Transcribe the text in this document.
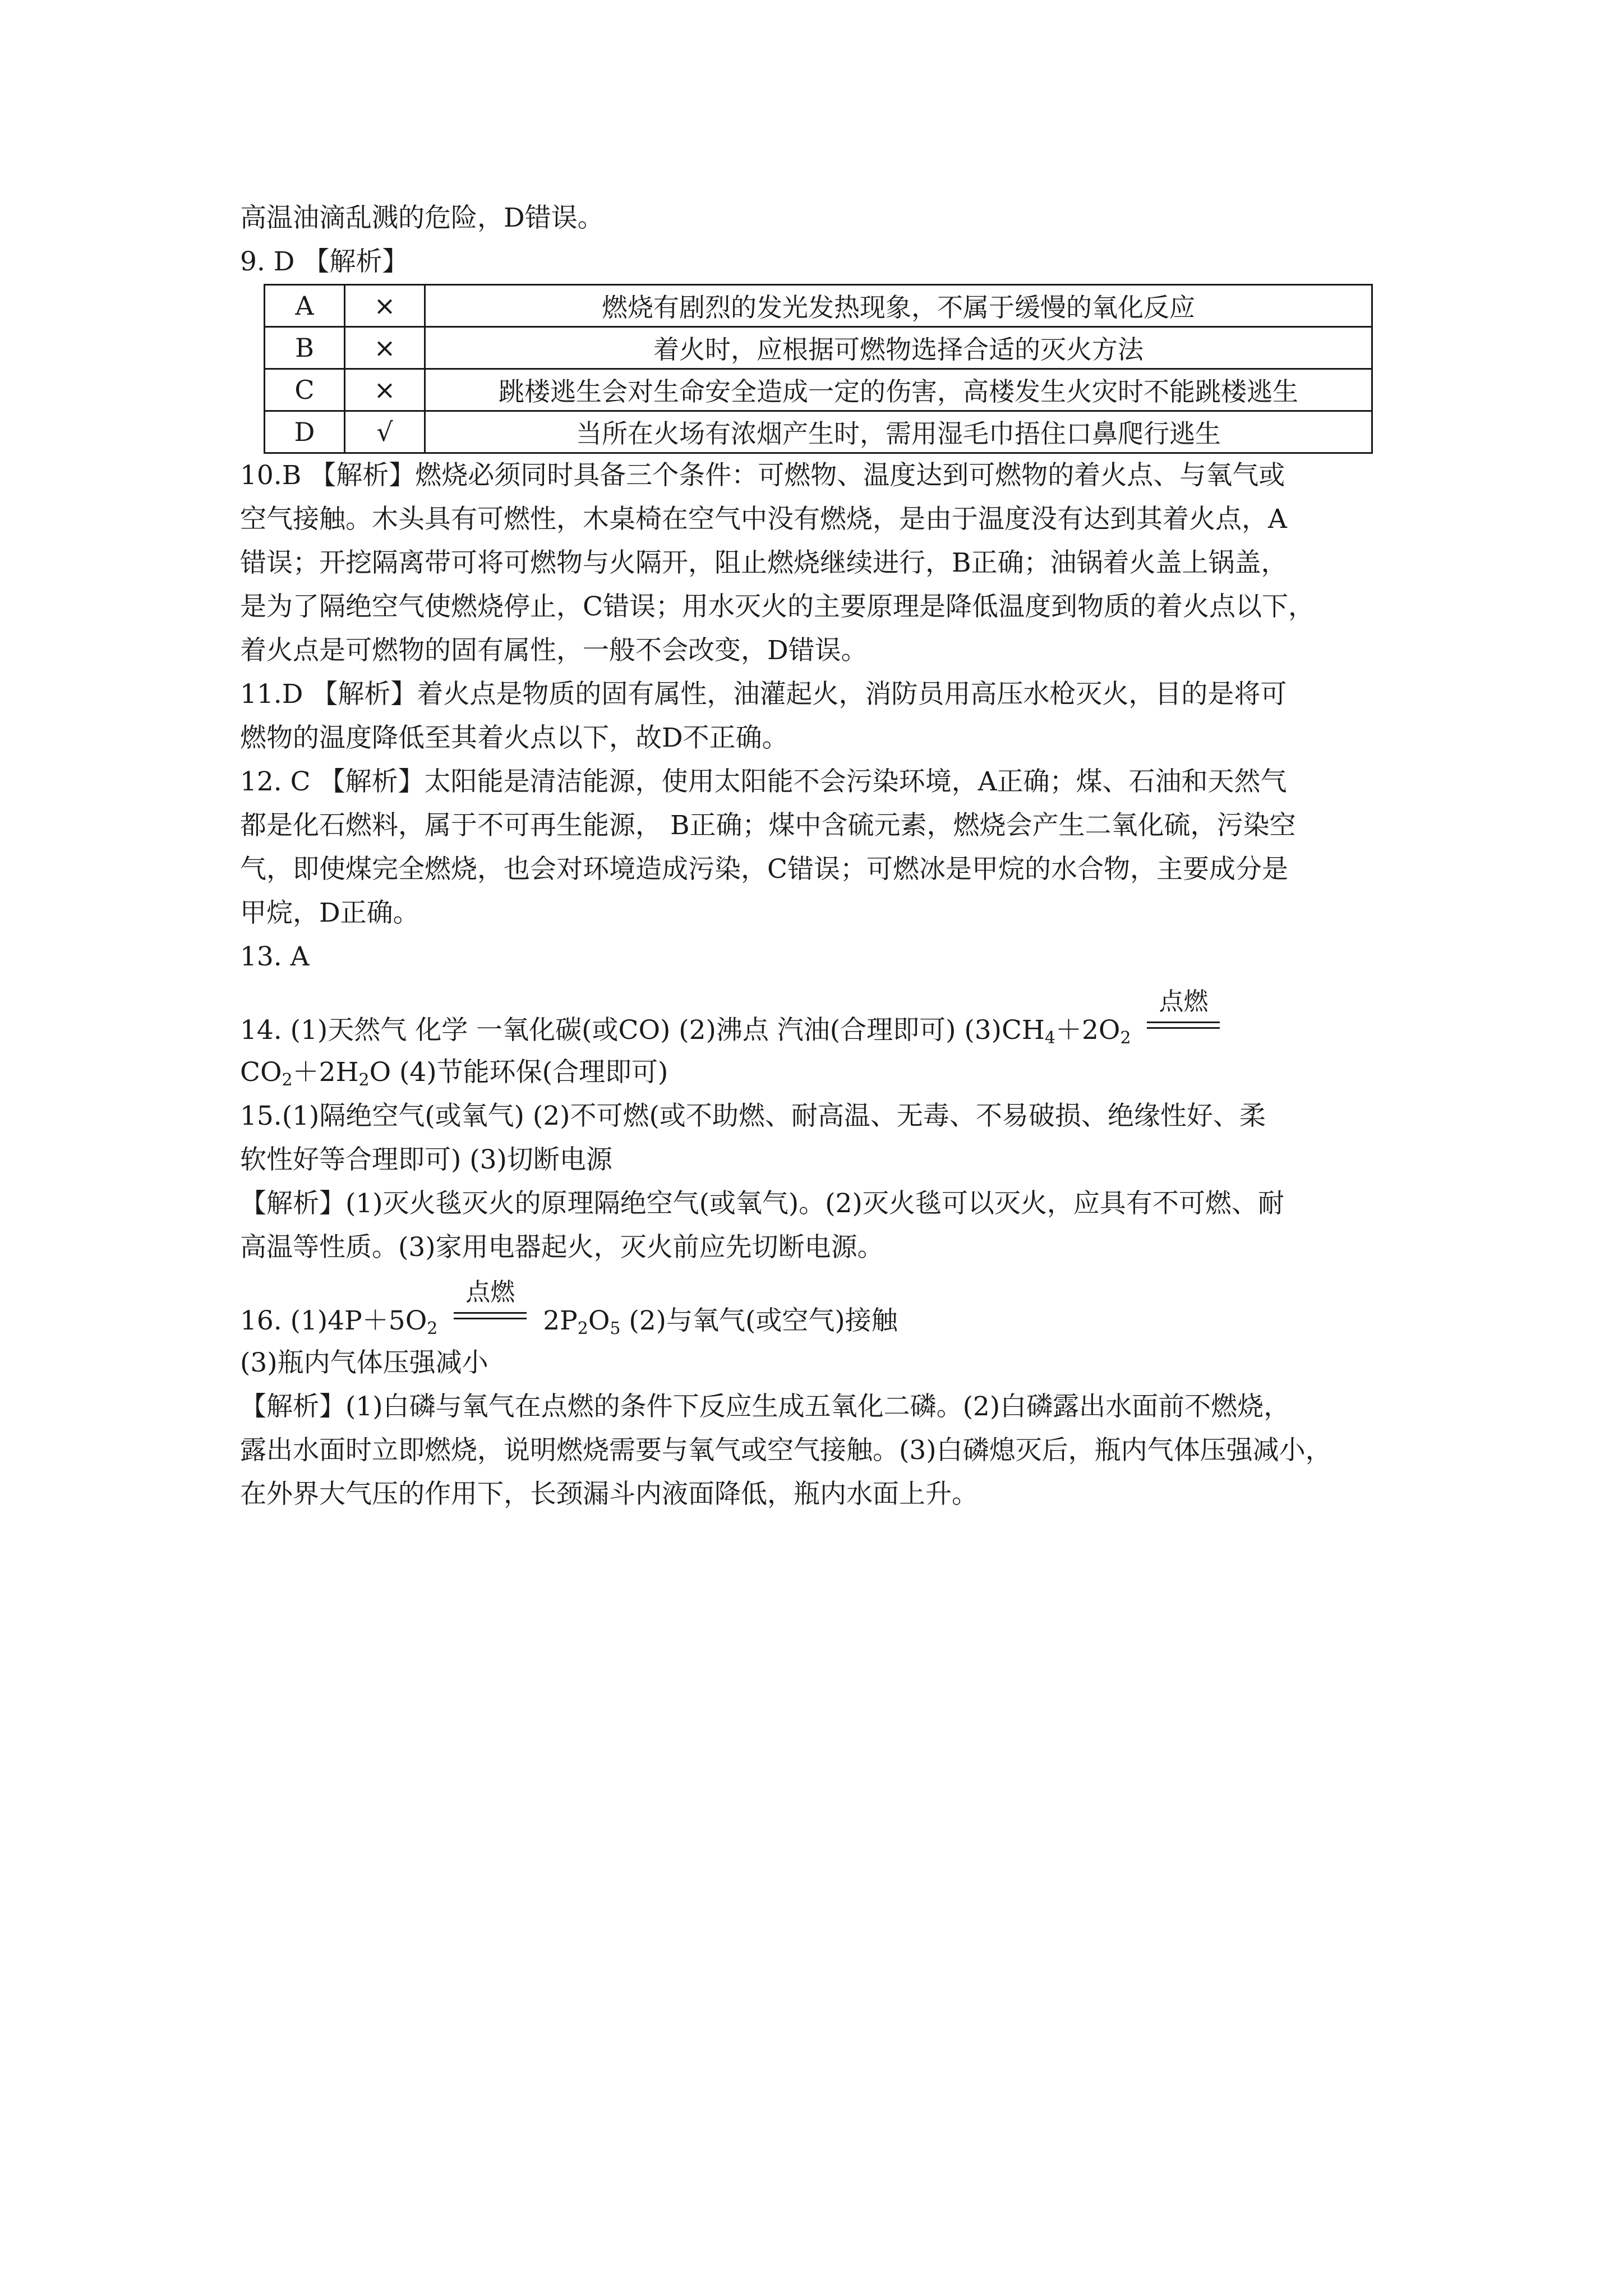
高温油滴乱溅的危险，D错误。
9. D 【解析】
A	×	燃烧有剧烈的发光发热现象，不属于缓慢的氧化反应
B	×	着火时，应根据可燃物选择合适的灭火方法
C	×	跳楼逃生会对生命安全造成一定的伤害，高楼发生火灾时不能跳楼逃生
D	√	当所在火场有浓烟产生时，需用湿毛巾捂住口鼻爬行逃生
10.B 【解析】燃烧必须同时具备三个条件：可燃物、温度达到可燃物的着火点、与氧气或
空气接触。木头具有可燃性，木桌椅在空气中没有燃烧，是由于温度没有达到其着火点，A
错误；开挖隔离带可将可燃物与火隔开，阻止燃烧继续进行，B正确；油锅着火盖上锅盖，
是为了隔绝空气使燃烧停止，C错误；用水灭火的主要原理是降低温度到物质的着火点以下，
着火点是可燃物的固有属性，一般不会改变，D错误。
11.D 【解析】着火点是物质的固有属性，油灌起火，消防员用高压水枪灭火，目的是将可
燃物的温度降低至其着火点以下，故D不正确。
12. C 【解析】太阳能是清洁能源，使用太阳能不会污染环境，A正确；煤、石油和天然气
都是化石燃料，属于不可再生能源， B正确；煤中含硫元素，燃烧会产生二氧化硫，污染空
气，即使煤完全燃烧，也会对环境造成污染，C错误；可燃冰是甲烷的水合物，主要成分是
甲烷，D正确。
13. A
14. (1)天然气 化学 一氧化碳(或CO) (2)沸点 汽油(合理即可) $(3)CH_4+2O_2$
点燃
$CO_2+2H_2O$ (4)节能环保(合理即可)
15.(1)隔绝空气(或氧气) (2)不可燃(或不助燃、耐高温、无毒、不易破损、绝缘性好、柔
软性好等合理即可) (3)切断电源
【解析】(1)灭火毯灭火的原理隔绝空气(或氧气)。(2)灭火毯可以灭火，应具有不可燃、耐
高温等性质。(3)家用电器起火，灭火前应先切断电源。
16. $(1)4P+5O_2$
点燃
$2P_2O_5$ (2)与氧气(或空气)接触
(3)瓶内气体压强减小
【解析】(1)白磷与氧气在点燃的条件下反应生成五氧化二磷。(2)白磷露出水面前不燃烧，
露出水面时立即燃烧，说明燃烧需要与氧气或空气接触。(3)白磷熄灭后，瓶内气体压强减小，
在外界大气压的作用下，长颈漏斗内液面降低，瓶内水面上升。
